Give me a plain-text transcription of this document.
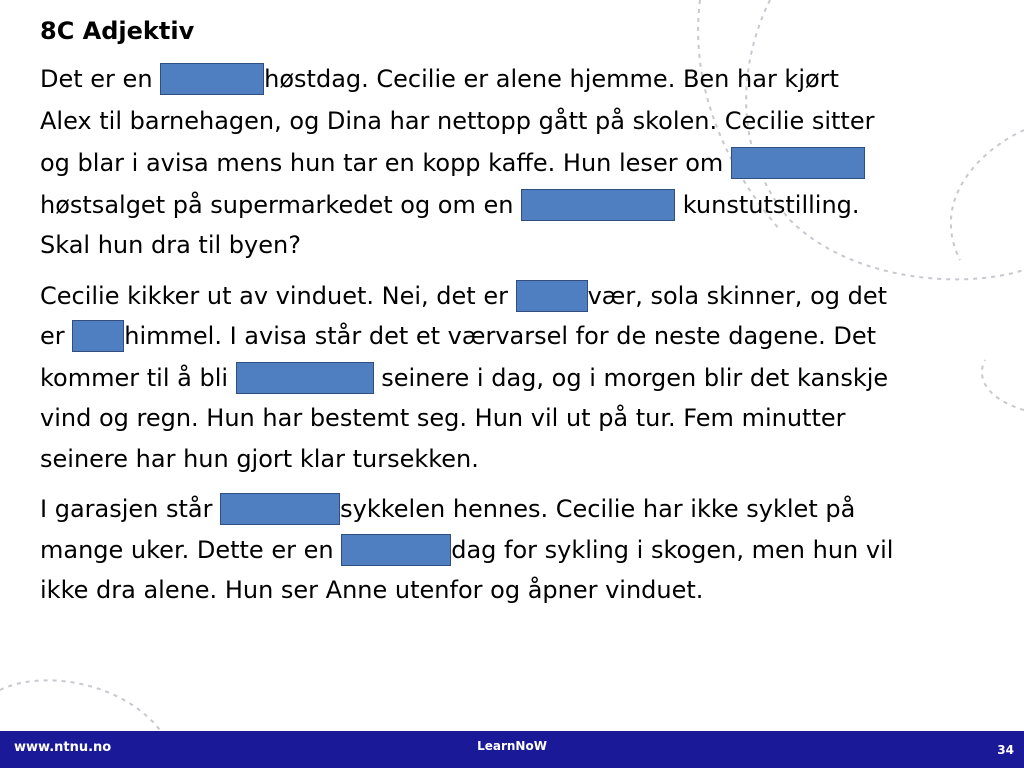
8C Adjektiv
Det er en	høstdag. Cecilie er alene hjemme. Ben har kjørt
Alex til barnehagen, og Dina har nettopp gått på skolen. Cecilie sitter
og blar i avisa mens hun tar en kopp kaffe. Hun leser om
høstsalget på supermarkedet og om en	kunstutstilling.
Skal hun dra til byen?
Cecilie kikker ut av vinduet. Nei, det er	vær, sola skinner, og det
er himmel. I avisa står det et værvarsel for de neste dagene. Det
kommer til å bli	seinere i dag, og i morgen blir det kanskje
vind og regn. Hun har bestemt seg. Hun vil ut på tur. Fem minutter
seinere har hun gjort klar tursekken.
I garasjen står	sykkelen hennes. Cecilie har ikke syklet på
mange uker. Dette er en	dag for sykling i skogen, men hun vil
ikke dra alene. Hun ser Anne utenfor og åpner vinduet.
www.ntnu.no	LearnNoW	34
